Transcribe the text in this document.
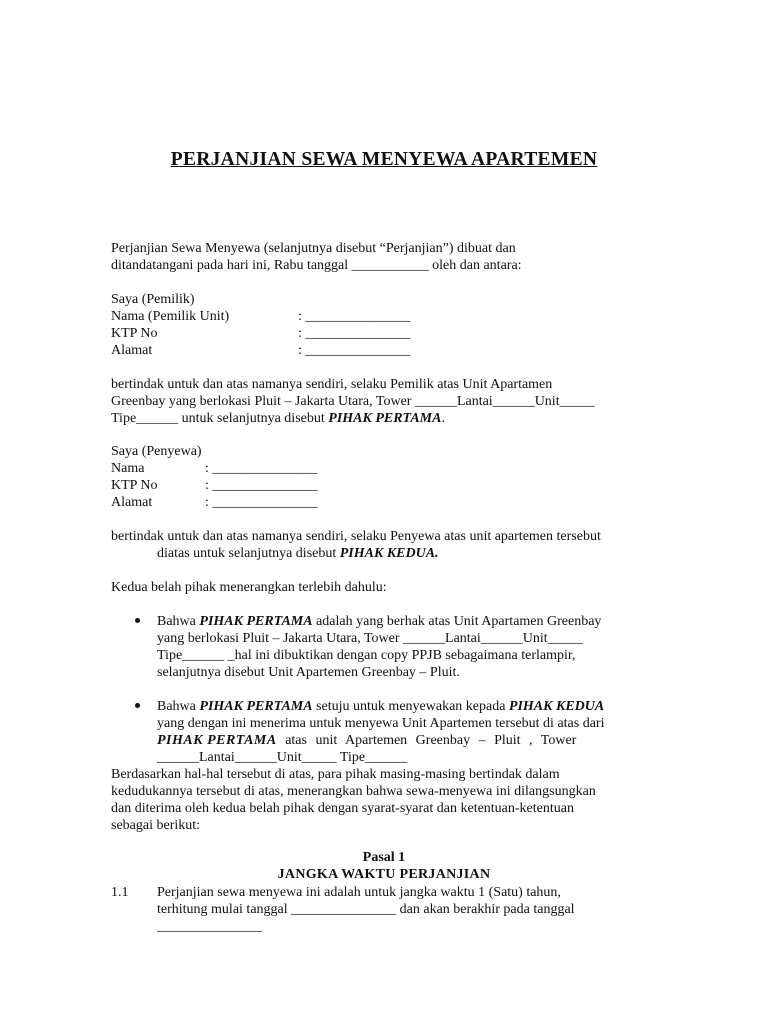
PERJANJIAN SEWA MENYEWA APARTEMEN
Perjanjian Sewa Menyewa (selanjutnya disebut “Perjanjian”) dibuat dan
ditandatangani pada hari ini, Rabu tanggal ___________ oleh dan antara:
Saya (Pemilik)
Nama (Pemilik Unit)	: _______________
KTP No	: _______________
Alamat	: _______________
bertindak untuk dan atas namanya sendiri, selaku Pemilik atas Unit Apartamen
Greenbay yang berlokasi Pluit – Jakarta Utara, Tower ______Lantai______Unit_____
Tipe______ untuk selanjutnya disebut PIHAK PERTAMA.
Saya (Penyewa)
Nama	: _______________
KTP No	: _______________
Alamat	: _______________
bertindak untuk dan atas namanya sendiri, selaku Penyewa atas unit apartemen tersebut
diatas untuk selanjutnya disebut PIHAK KEDUA.
Kedua belah pihak menerangkan terlebih dahulu:
Bahwa PIHAK PERTAMA adalah yang berhak atas Unit Apartamen Greenbay
yang berlokasi Pluit – Jakarta Utara, Tower ______Lantai______Unit_____
Tipe______ _hal ini dibuktikan dengan copy PPJB sebagaimana terlampir,
selanjutnya disebut Unit Apartemen Greenbay – Pluit.
Bahwa PIHAK PERTAMA setuju untuk menyewakan kepada PIHAK KEDUA
yang dengan ini menerima untuk menyewa Unit Apartemen tersebut di atas dari
PIHAK PERTAMA atas unit Apartemen Greenbay – Pluit , Tower
______Lantai______Unit_____ Tipe______
Berdasarkan hal-hal tersebut di atas, para pihak masing-masing bertindak dalam
kedudukannya tersebut di atas, menerangkan bahwa sewa-menyewa ini dilangsungkan
dan diterima oleh kedua belah pihak dengan syarat-syarat dan ketentuan-ketentuan
sebagai berikut:
Pasal 1
JANGKA WAKTU PERJANJIAN
1.1 Perjanjian sewa menyewa ini adalah untuk jangka waktu 1 (Satu) tahun,
terhitung mulai tanggal _______________ dan akan berakhir pada tanggal
_______________
